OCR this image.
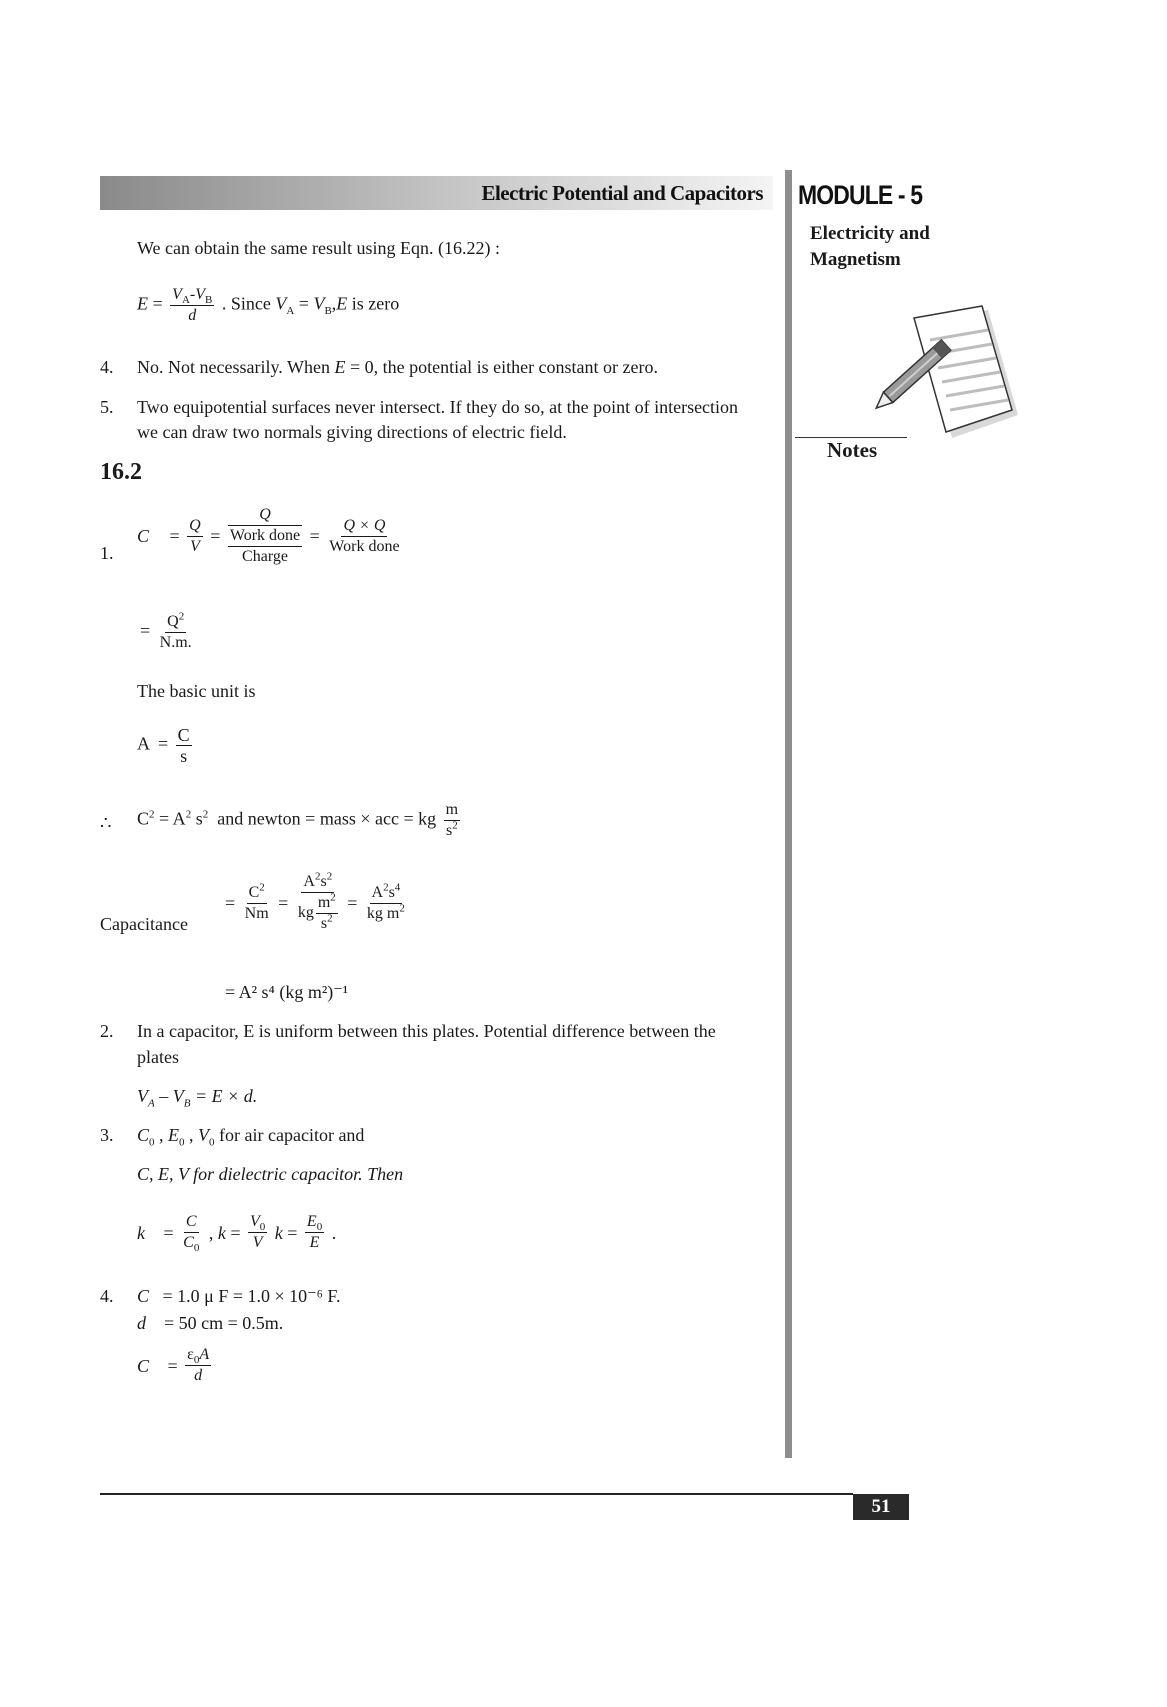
Electric Potential and Capacitors MODULE - 5
Electricity and
Magnetism
Notes
We can obtain the same result using Eqn. (16.22) :
$E = \frac{V_A-V_B}{d}$ . Since $V_A = V_B,E$ is zero
4. No. Not necessarily. When E = 0, the potential is either constant or zero.
5. Two equipotential surfaces never intersect. If they do so, at the point of intersection
we can draw two normals giving directions of electric field.
16.2
1.
$C = \frac{Q}{V}$ =
Q
Work done
Charge
= $\frac{Q \times Q}{\text{Work done}}$
= $\frac{Q^2}{N.m.}$
The basic unit is
$A = \frac{C}{s}$
∴ $C^2 = A^2$ $s^2$ and newton = mass × acc = kg $\frac{m}{s^2}$
Capacitance
= $\frac{C^2}{Nm} = \frac{A^2s^2}{kg \frac{m^2}{s^2}} = \frac{A^2s^4}{kg m^2}$
= A² s⁴ (kg m²)⁻¹
2. In a capacitor, E is uniform between this plates. Potential difference between the
plates
$V_A - V_B = E \times d$.
3. $C_0$ , $E_0$ , $V_0$ for air capacitor and
C, E, V for dielectric capacitor. Then
$k = \frac{C}{C_0}$ , $k = \frac{V_0}{V}$ $k = \frac{E_0}{E}$ .
4. C = 1.0 μ F = 1.0 × 10⁻⁶ F.
d = 50 cm = 0.5m.
$C = \frac{\varepsilon_0A}{d}$
51
